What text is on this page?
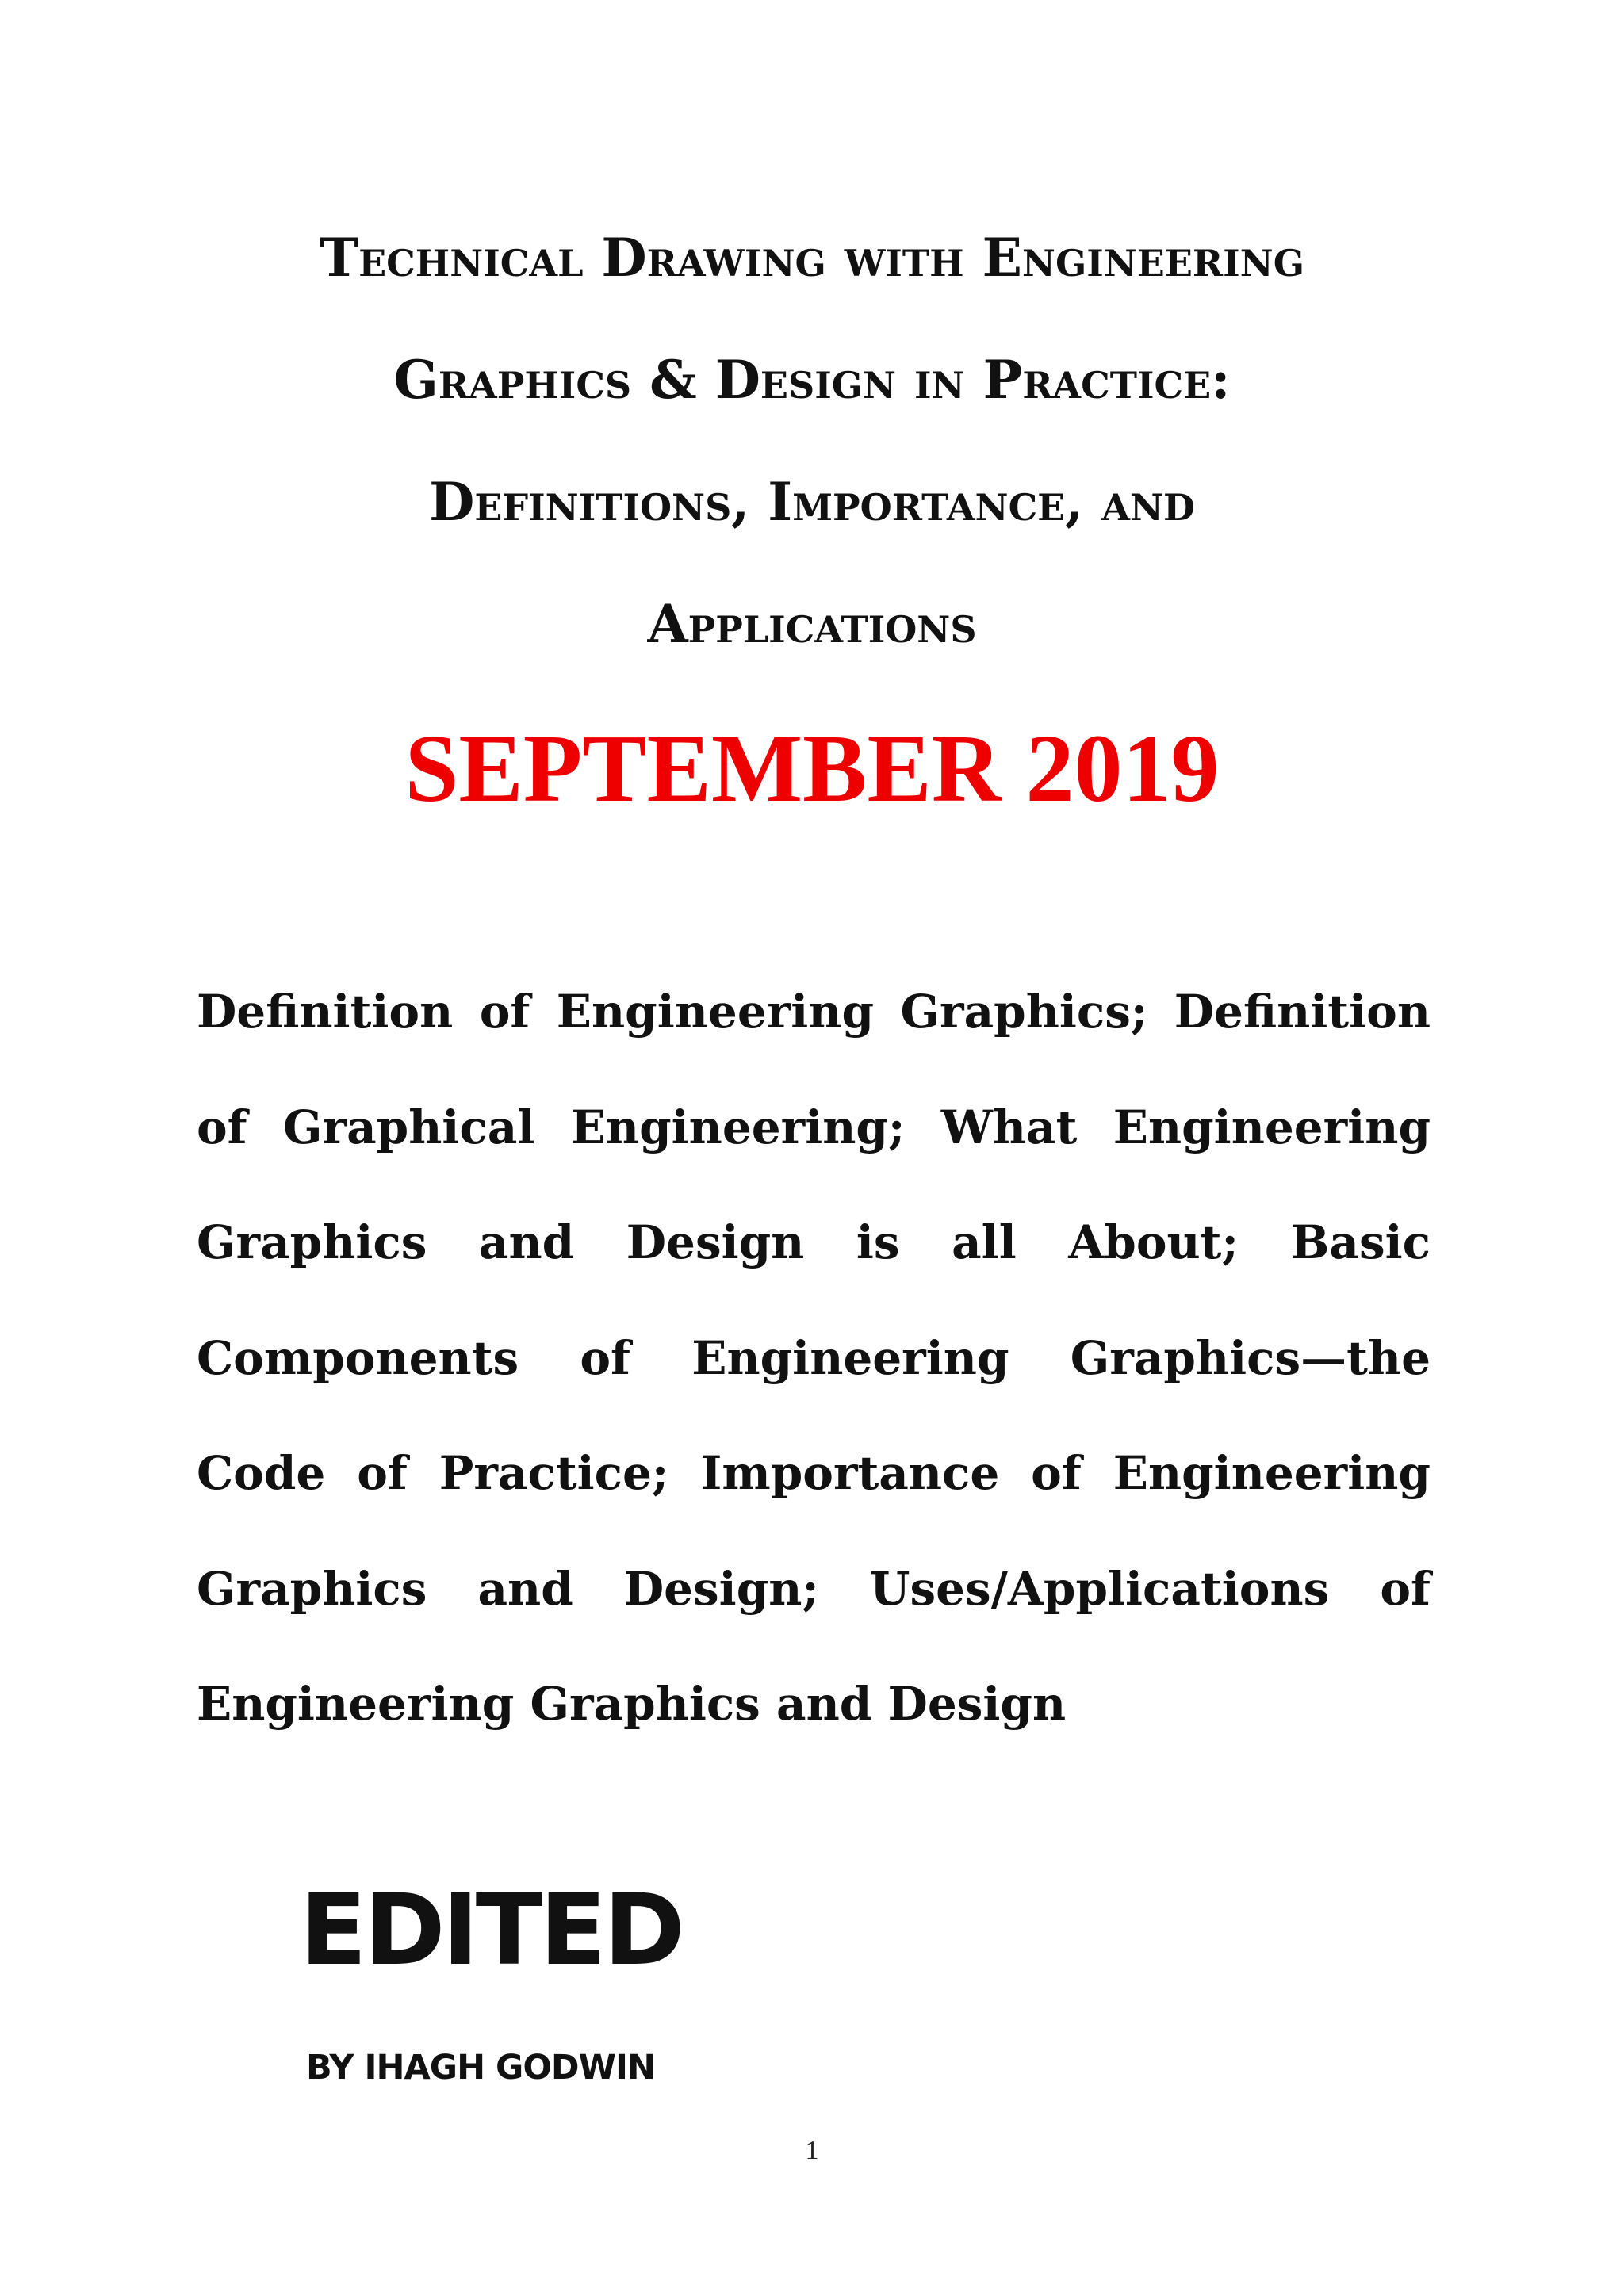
Technical Drawing with Engineering
Graphics & Design in Practice:
Definitions, Importance, and
Applications
SEPTEMBER 2019

Definition of Engineering Graphics; Definition of Graphical Engineering; What Engineering Graphics and Design is all About; Basic Components of Engineering Graphics—the Code of Practice; Importance of Engineering Graphics and Design; Uses/Applications of Engineering Graphics and Design

EDITED
BY IHAGH GODWIN
1
